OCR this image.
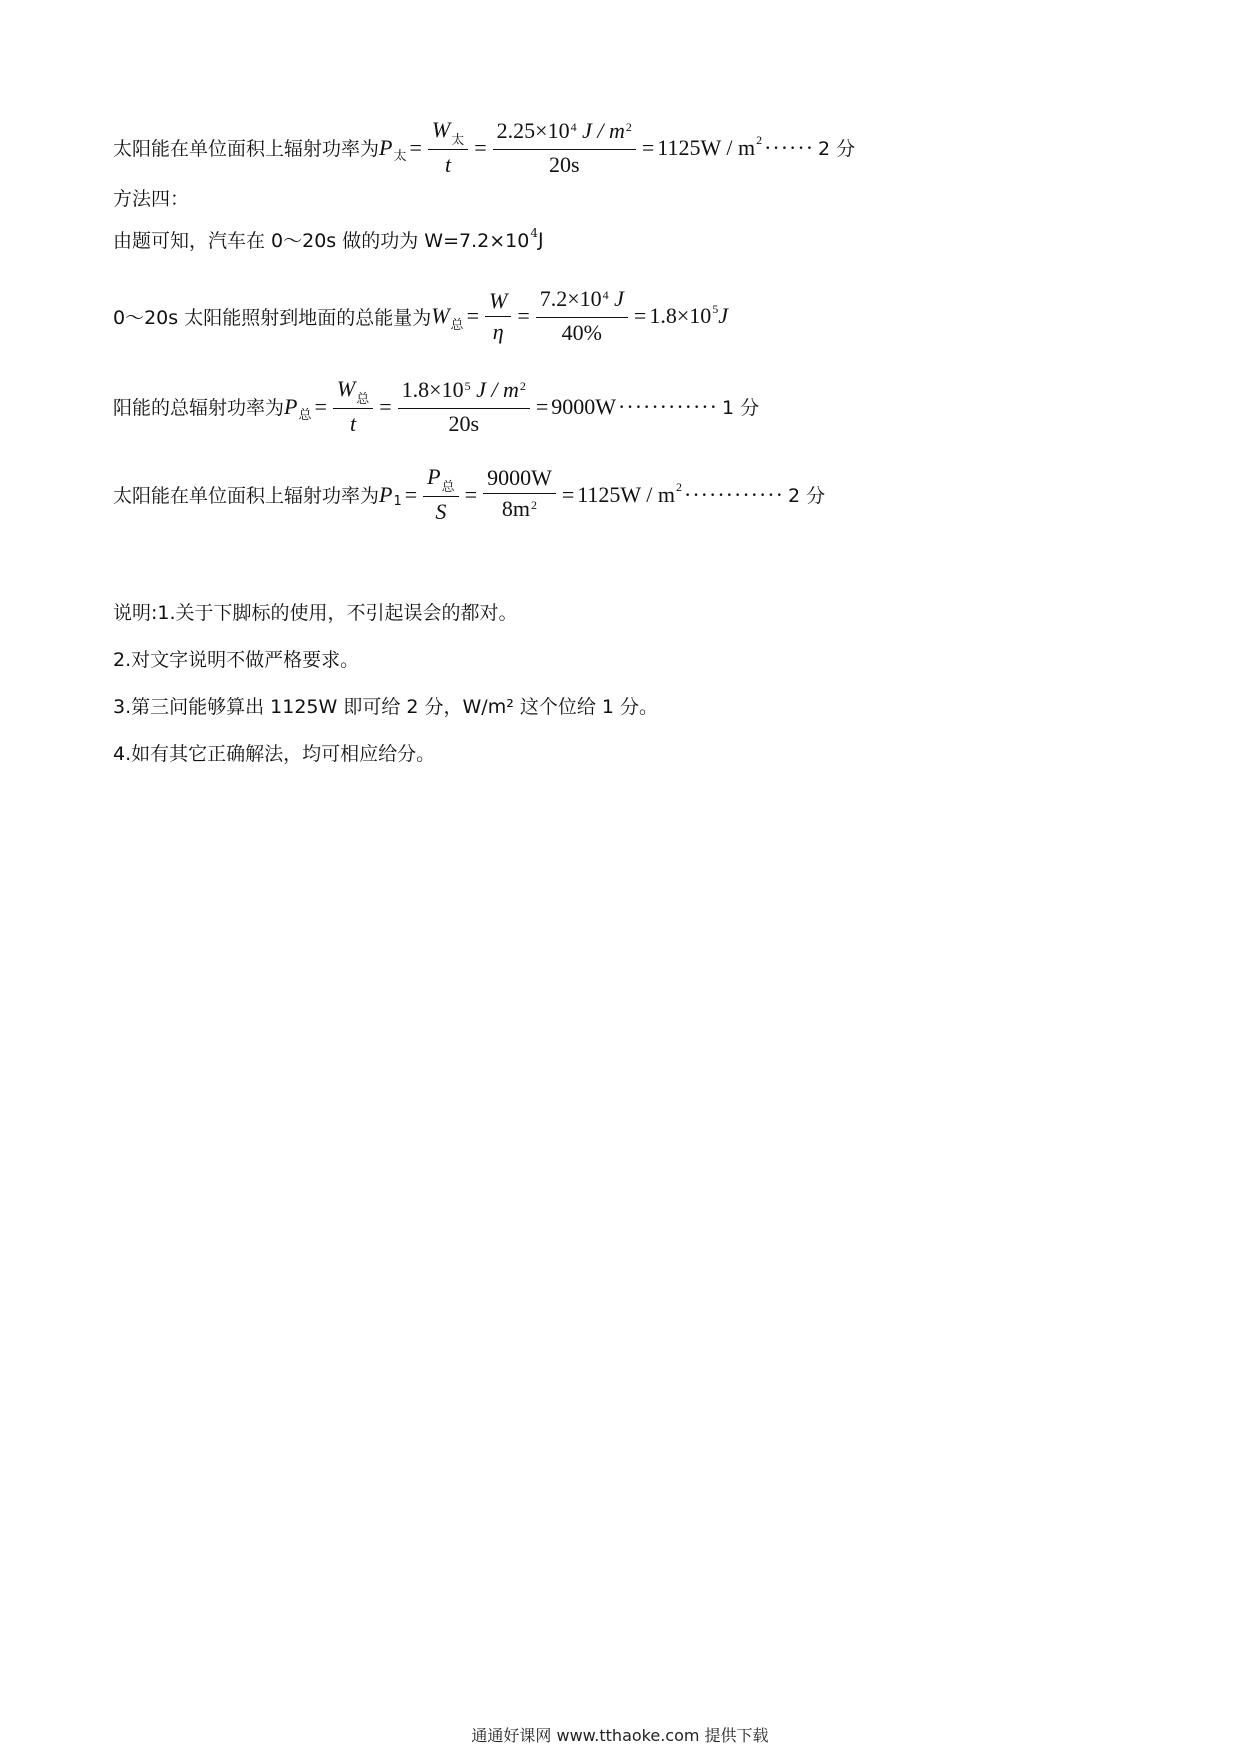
太阳能在单位面积上辐射功率为 P 太 = $\frac{W_太}{t} = \frac{2.25\times 10^4 J / m^2}{20s} = 1125W / m$ 2 ······ 2 分
方法四：
由题可知，汽车在 0～20s 做的功为 W=7.2×10 4 J
0～20s 太阳能照射到地面的总能量为 W 总 = $\frac{W}{\eta} = \frac{7.2\times 10^4 J}{40\%} = 1.8\times 10$ 5 J
阳能的总辐射功率为 P 总 = $\frac{W_总}{t} = \frac{1.8\times 10^5 J / m^2}{20s} = 9000W$ ············ 1 分
太阳能在单位面积上辐射功率为 P $1 = \frac{P_总}{S} = \frac{9000W}{8m^2} = 1125W / m$ 2 ············ 2 分
说明:1.关于下脚标的使用，不引起误会的都对。
2.对文字说明不做严格要求。
3.第三问能够算出 1125W 即可给 2 分，W/m² 这个位给 1 分。
4.如有其它正确解法，均可相应给分。
通通好课网 www.tthaoke.com 提供下载
